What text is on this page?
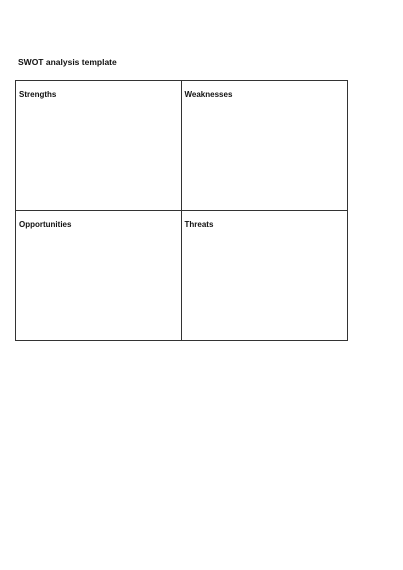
SWOT analysis template
Strengths	Weaknesses
Opportunities	Threats
